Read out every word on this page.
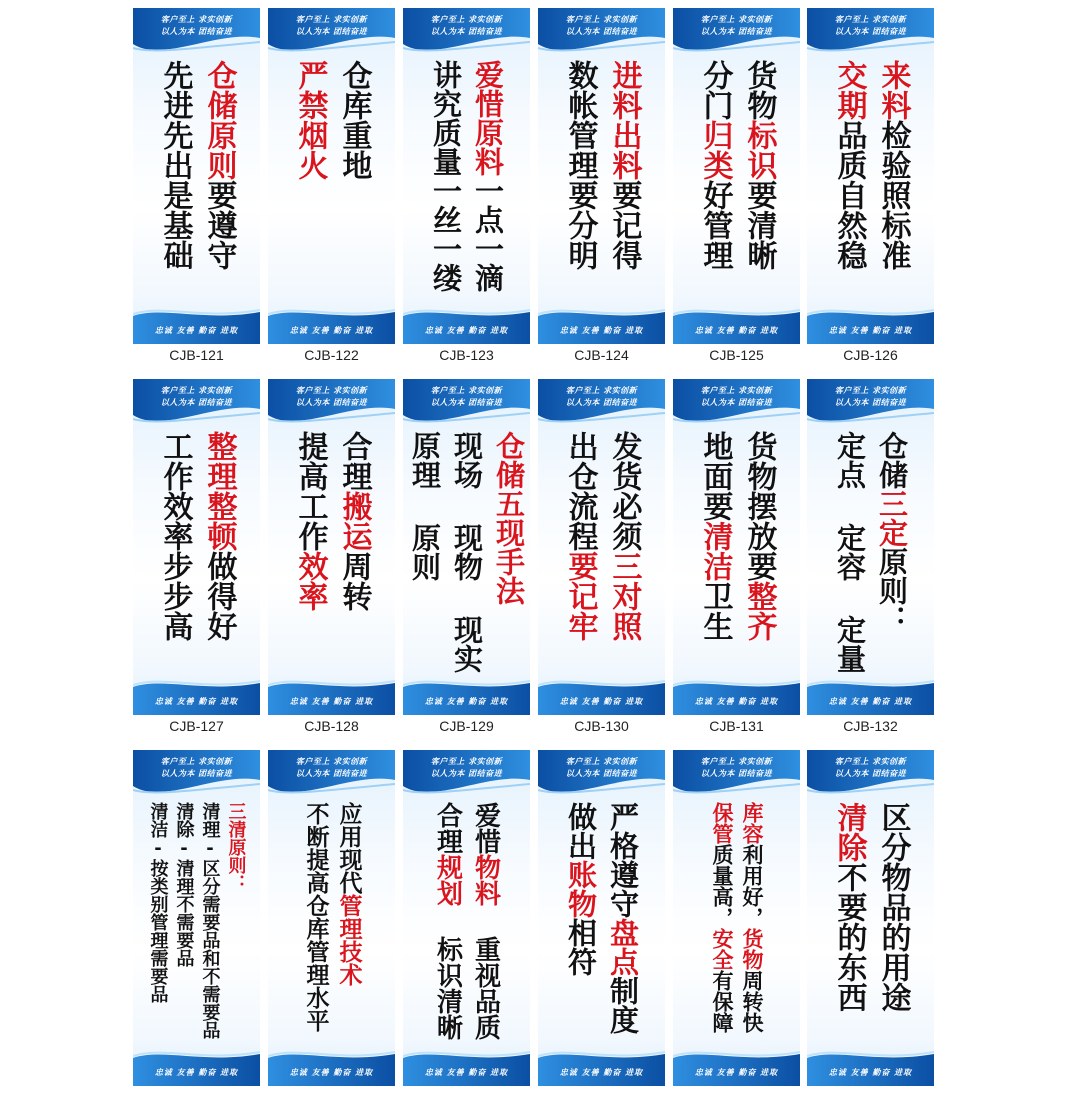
客户至上 求实创新
以人为本 团结奋进
仓储原则要遵守
先进先出是基础
忠诚 友善 勤奋 进取
CJB-121
客户至上 求实创新
以人为本 团结奋进
仓库重地
严禁烟火
忠诚 友善 勤奋 进取
CJB-122
客户至上 求实创新
以人为本 团结奋进
爱惜原料一点一滴
讲究质量一丝一缕
忠诚 友善 勤奋 进取
CJB-123
客户至上 求实创新
以人为本 团结奋进
进料出料要记得
数帐管理要分明
忠诚 友善 勤奋 进取
CJB-124
客户至上 求实创新
以人为本 团结奋进
货物标识要清晰
分门归类好管理
忠诚 友善 勤奋 进取
CJB-125
客户至上 求实创新
以人为本 团结奋进
来料检验照标准
交期品质自然稳
忠诚 友善 勤奋 进取
CJB-126
客户至上 求实创新
以人为本 团结奋进
整理整顿做得好
工作效率步步高
忠诚 友善 勤奋 进取
CJB-127
客户至上 求实创新
以人为本 团结奋进
合理搬运周转
提高工作效率
忠诚 友善 勤奋 进取
CJB-128
客户至上 求实创新
以人为本 团结奋进
仓储五现手法
现场 现物 现实
原理 原则
忠诚 友善 勤奋 进取
CJB-129
客户至上 求实创新
以人为本 团结奋进
发货必须三对照
出仓流程要记牢
忠诚 友善 勤奋 进取
CJB-130
客户至上 求实创新
以人为本 团结奋进
货物摆放要整齐
地面要清洁卫生
忠诚 友善 勤奋 进取
CJB-131
客户至上 求实创新
以人为本 团结奋进
仓储三定原则：
定点 定容 定量
忠诚 友善 勤奋 进取
CJB-132
客户至上 求实创新
以人为本 团结奋进
三清原则：
清理-区分需要品和不需要品
清除-清理不需要品
清洁-按类别管理需要品
忠诚 友善 勤奋 进取
客户至上 求实创新
以人为本 团结奋进
应用现代管理技术
不断提高仓库管理水平
忠诚 友善 勤奋 进取
客户至上 求实创新
以人为本 团结奋进
爱惜物料 重视品质
合理规划 标识清晰
忠诚 友善 勤奋 进取
客户至上 求实创新
以人为本 团结奋进
严格遵守盘点制度
做出账物相符
忠诚 友善 勤奋 进取
客户至上 求实创新
以人为本 团结奋进
库容利用好，货物周转快
保管质量高，安全有保障
忠诚 友善 勤奋 进取
客户至上 求实创新
以人为本 团结奋进
区分物品的用途
清除不要的东西
忠诚 友善 勤奋 进取
